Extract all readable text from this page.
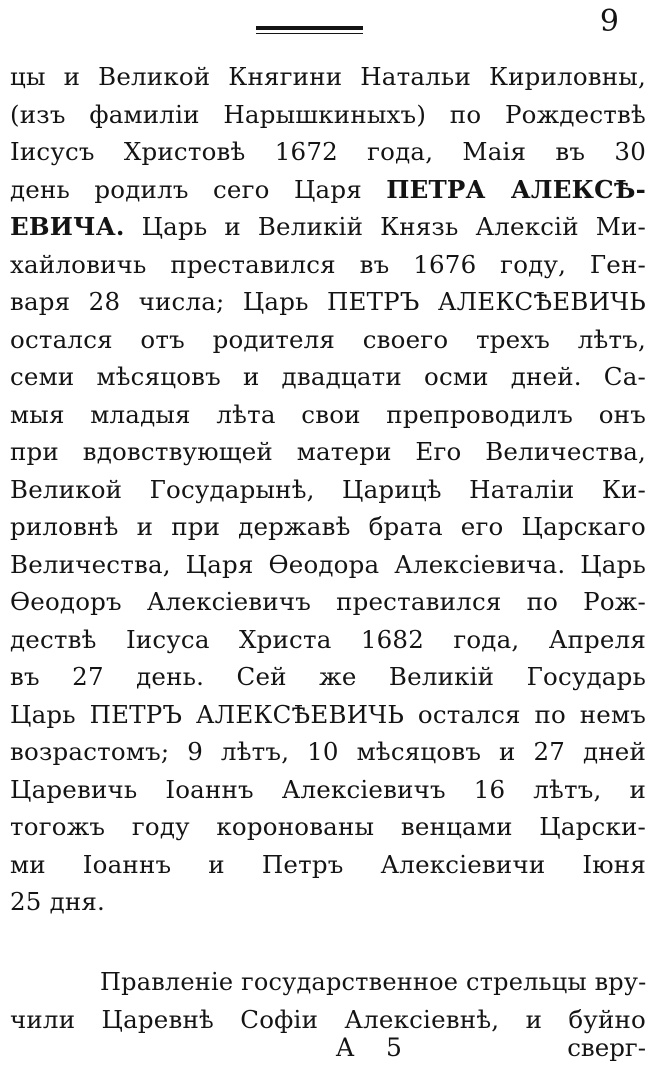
9
цы и Великой Княгини Натальи Кириловны,
(изъ фамиліи Нарышкиныхъ) по Рождествѣ
Іисусъ Христовѣ 1672 года, Маія въ 30
день родилъ сего Царя ПЕТРА АЛЕКСѢ-
ЕВИЧА. Царь и Великій Князь Алексій Ми-
хайловичь преставился въ 1676 году, Ген-
варя 28 числа; Царь ПЕТРЪ АЛЕКСѢЕВИЧЬ
остался отъ родителя своего трехъ лѣтъ,
семи мѣсяцовъ и двадцати осми дней. Са-
мыя младыя лѣта свои препроводилъ онъ
при вдовствующей матери Его Величества,
Великой Государынѣ, Царицѣ Наталіи Ки-
риловнѣ и при державѣ брата его Царскаго
Величества, Царя Ѳеодора Алексіевича. Царь
Ѳеодоръ Алексіевичъ преставился по Рож-
дествѣ Іисуса Христа 1682 года, Апреля
въ 27 день. Сей же Великій Государь
Царь ПЕТРЪ АЛЕКСѢЕВИЧЬ остался по немъ
возрастомъ; 9 лѣтъ, 10 мѣсяцовъ и 27 дней
Царевичь Іоаннъ Алексіевичъ 16 лѣтъ, и
тогожъ году коронованы венцами Царски-
ми Іоаннъ и Петръ Алексіевичи Іюня
25 дня.
Правленіе государственное стрельцы вру-
чили Царевнѣ Софіи Алексіевнѣ, и буйно
A 5	сверг-
